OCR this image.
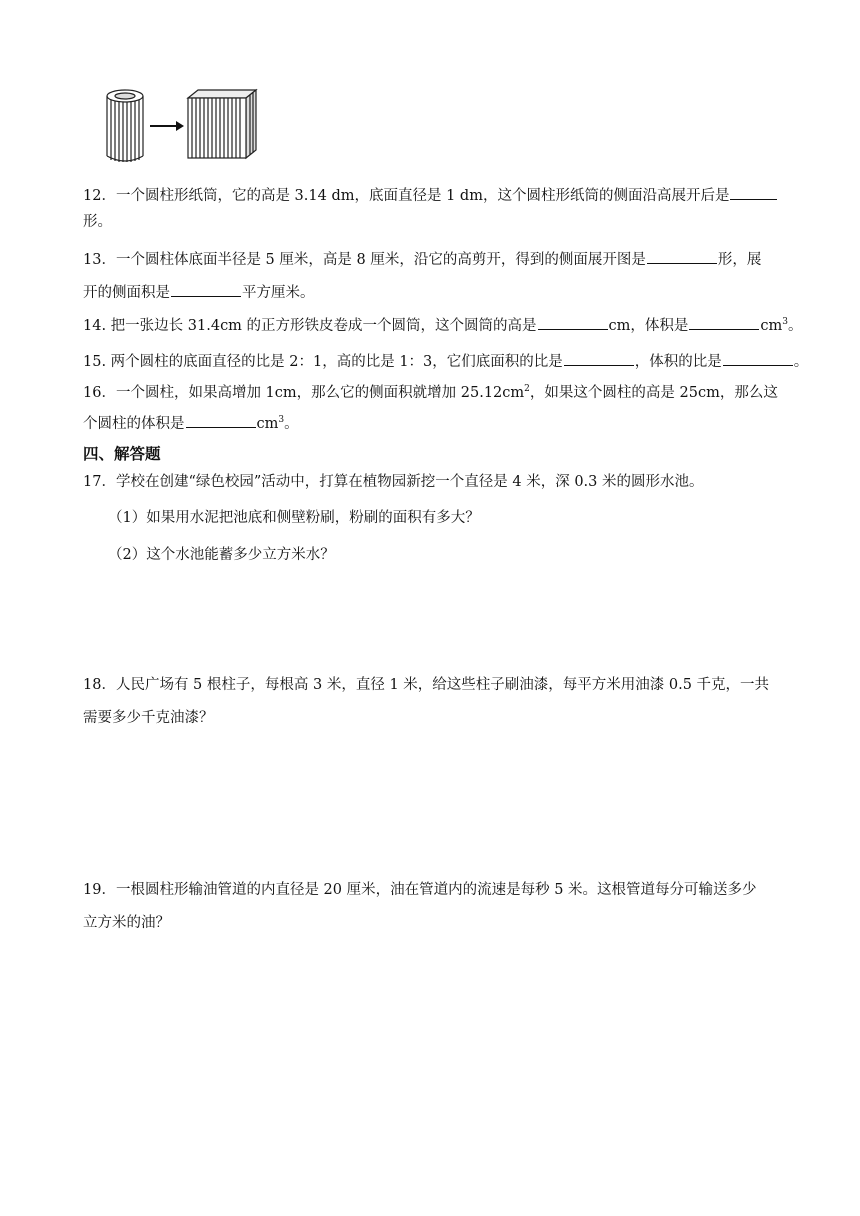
12．一个圆柱形纸筒，它的高是 3.14 dm，底面直径是 1 dm，这个圆柱形纸筒的侧面沿高展开后是
形。
13．一个圆柱体底面半径是 5 厘米，高是 8 厘米，沿它的高剪开，得到的侧面展开图是	形，展
开的侧面积是	平方厘米。
14. 把一张边长 31.4cm 的正方形铁皮卷成一个圆筒，这个圆筒的高是	cm，体积是	$cm^3$。
15. 两个圆柱的底面直径的比是 2：1，高的比是 1：3，它们底面积的比是	，体积的比是	。
16．一个圆柱，如果高增加 1cm，那么它的侧面积就增加 $25.12cm^2$，如果这个圆柱的高是 25cm，那么这
个圆柱的体积是	$cm^3$。
四、解答题
17．学校在创建“绿色校园”活动中，打算在植物园新挖一个直径是 4 米，深 0.3 米的圆形水池。
（1）如果用水泥把池底和侧壁粉刷，粉刷的面积有多大？
（2）这个水池能蓄多少立方米水？
18．人民广场有 5 根柱子，每根高 3 米，直径 1 米，给这些柱子刷油漆，每平方米用油漆 0.5 千克，一共
需要多少千克油漆？
19．一根圆柱形输油管道的内直径是 20 厘米，油在管道内的流速是每秒 5 米。这根管道每分可输送多少
立方米的油？
